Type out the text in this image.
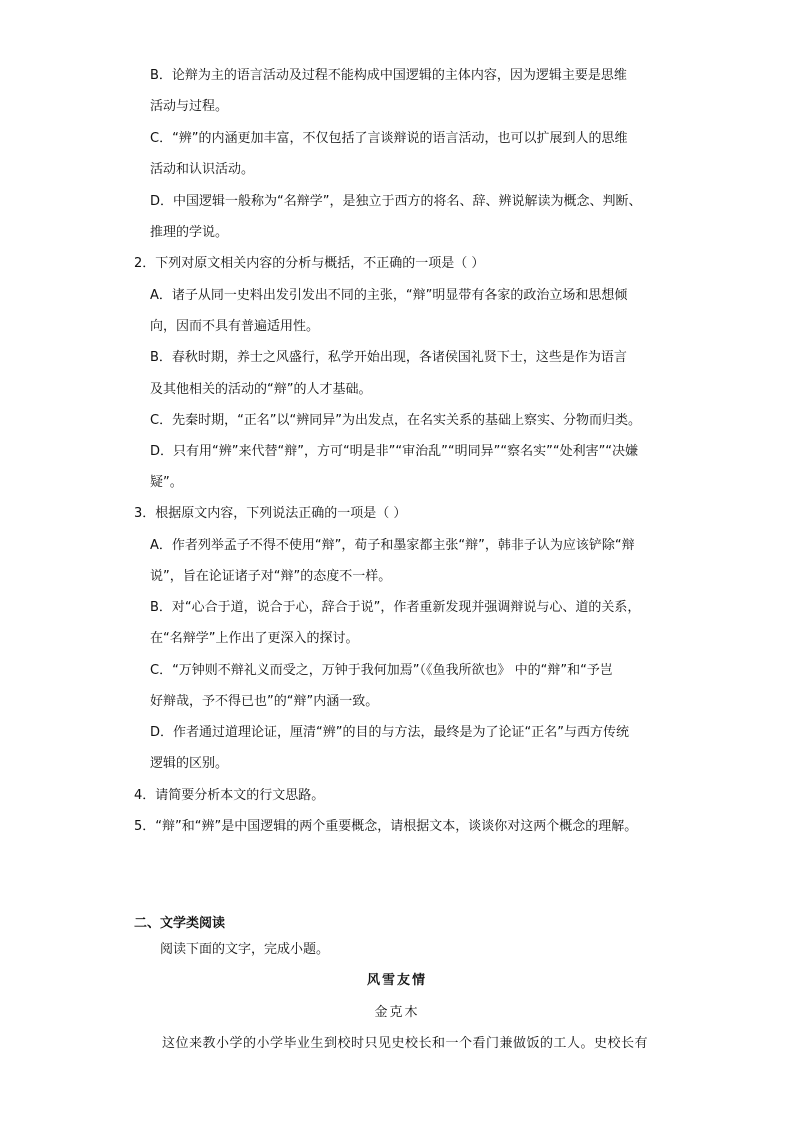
B．论辩为主的语言活动及过程不能构成中国逻辑的主体内容，因为逻辑主要是思维
活动与过程。
C．“辨”的内涵更加丰富，不仅包括了言谈辩说的语言活动，也可以扩展到人的思维
活动和认识活动。
D．中国逻辑一般称为“名辩学”，是独立于西方的将名、辞、辨说解读为概念、判断、
推理的学说。
2．下列对原文相关内容的分析与概括，不正确的一项是（ ）
A．诸子从同一史料出发引发出不同的主张，“辩”明显带有各家的政治立场和思想倾
向，因而不具有普遍适用性。
B．春秋时期，养士之风盛行，私学开始出现，各诸侯国礼贤下士，这些是作为语言
及其他相关的活动的“辩”的人才基础。
C．先秦时期，“正名”以“辨同异”为出发点，在名实关系的基础上察实、分物而归类。
D．只有用“辨”来代替“辩”，方可“明是非”“审治乱”“明同异”“察名实”“处利害”“决嫌
疑”。
3．根据原文内容，下列说法正确的一项是（ ）
A．作者列举孟子不得不使用“辩”，荀子和墨家都主张“辩”，韩非子认为应该铲除“辩
说”，旨在论证诸子对“辩”的态度不一样。
B．对“心合于道，说合于心，辞合于说”，作者重新发现并强调辩说与心、道的关系，
在“名辩学”上作出了更深入的探讨。
C．“万钟则不辩礼义而受之，万钟于我何加焉”（《鱼我所欲也》 中的“辩”和“予岂
好辩哉，予不得已也”的“辩”内涵一致。
D．作者通过道理论证，厘清“辨”的目的与方法，最终是为了论证“正名”与西方传统
逻辑的区别。
4．请简要分析本文的行文思路。
5．“辩”和“辨”是中国逻辑的两个重要概念，请根据文本，谈谈你对这两个概念的理解。
二、文学类阅读
阅读下面的文字，完成小题。
风雪友情
金克木
这位来教小学的小学毕业生到校时只见史校长和一个看门兼做饭的工人。史校长有
